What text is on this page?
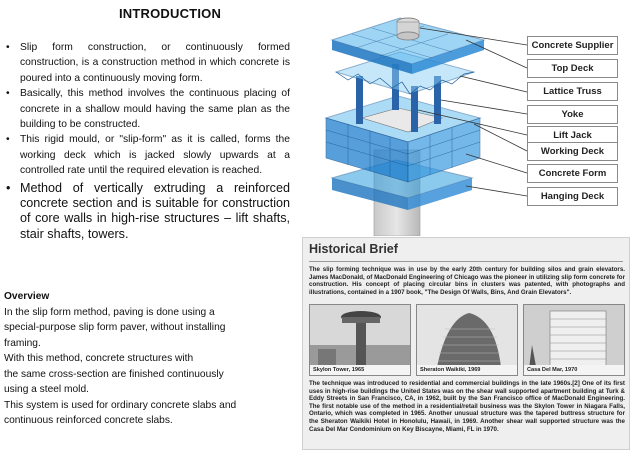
INTRODUCTION
• Slip form construction, or continuously formed construction, is a construction method in which concrete is poured into a continuously moving form.
• Basically, this method involves the continuous placing of concrete in a shallow mould having the same plan as the building to be constructed.
• This rigid mould, or "slip-form" as it is called, forms the working deck which is jacked slowly upwards at a controlled rate until the required elevation is reached.
• Method of vertically extruding a reinforced concrete section and is suitable for construction of core walls in high-rise structures – lift shafts, stair shafts, towers.
Overview
In the slip form method, paving is done using a
special-purpose slip form paver, without installing
framing.
With this method, concrete structures with
the same cross-section are finished continuously
using a steel mold.
This system is used for ordinary concrete slabs and
continuous reinforced concrete slabs.
Concrete Supplier
Top Deck
Lattice Truss
Yoke
Lift Jack
Working Deck
Concrete Form
Hanging Deck
Historical Brief
The slip forming technique was in use by the early 20th century for building silos and grain elevators. James MacDonald, of MacDonald Engineering of Chicago was the pioneer in utilizing slip form concrete for construction. His concept of placing circular bins in clusters was patented, with photographs and illustrations, contained in a 1907 book, "The Design Of Walls, Bins, And Grain Elevators".
Skylon Tower, 1965	Sheraton Waikiki, 1969	Casa Del Mar, 1970
The technique was introduced to residential and commercial buildings in the late 1960s.[2] One of its first uses in high-rise buildings the United States was on the shear wall supported apartment building at Turk & Eddy Streets in San Francisco, CA, in 1962, built by the San Francisco office of MacDonald Engineering. The first notable use of the method in a residential/retail business was the Skylon Tower in Niagara Falls, Ontario, which was completed in 1965. Another unusual structure was the tapered buttress structure for the Sheraton Waikiki Hotel in Honolulu, Hawaii, in 1969. Another shear wall supported structure was the Casa Del Mar Condominium on Key Biscayne, Miami, FL in 1970.
